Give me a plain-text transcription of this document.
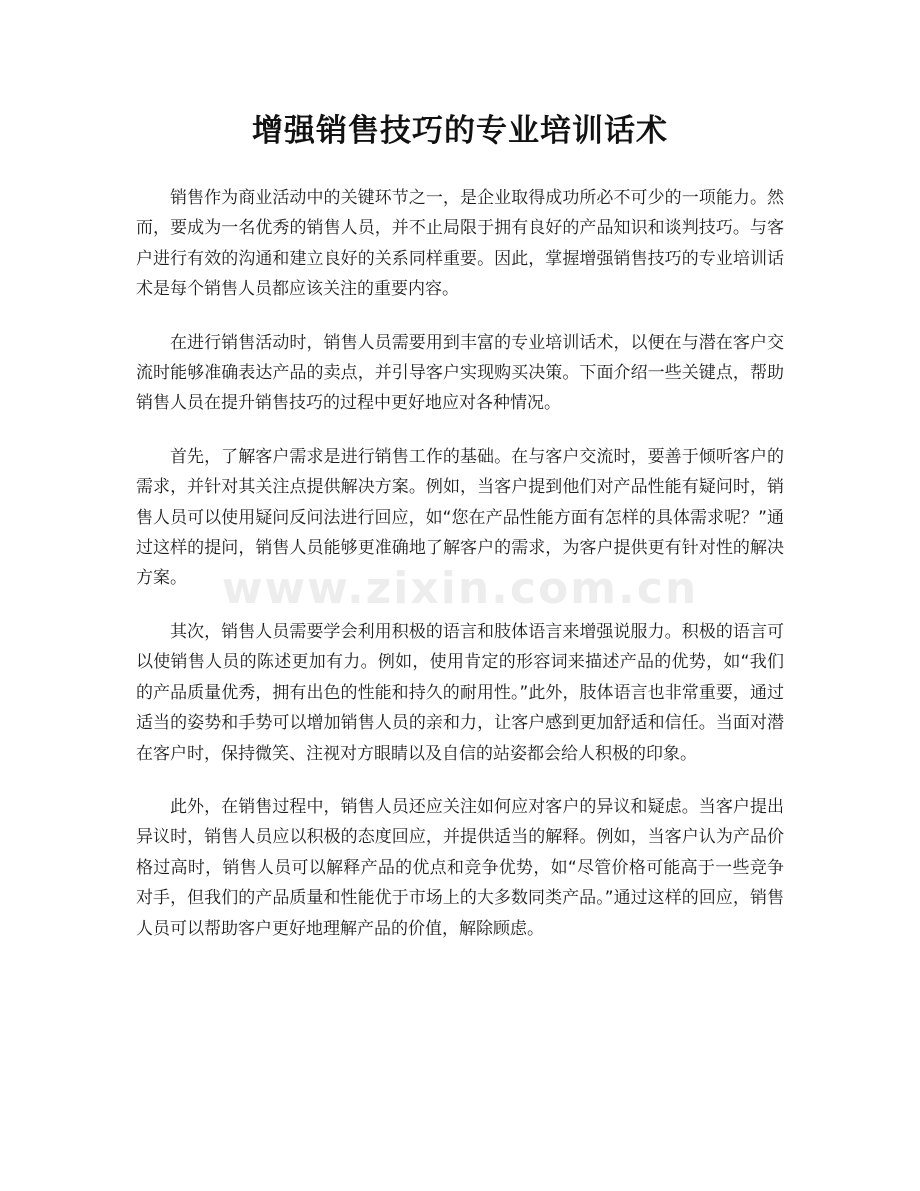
增强销售技巧的专业培训话术
www.zixin.com.cn

销售作为商业活动中的关键环节之一，是企业取得成功所必不可少的一项能力。然而，要成为一名优秀的销售人员，并不止局限于拥有良好的产品知识和谈判技巧。与客户进行有效的沟通和建立良好的关系同样重要。因此，掌握增强销售技巧的专业培训话术是每个销售人员都应该关注的重要内容。

在进行销售活动时，销售人员需要用到丰富的专业培训话术，以便在与潜在客户交流时能够准确表达产品的卖点，并引导客户实现购买决策。下面介绍一些关键点，帮助销售人员在提升销售技巧的过程中更好地应对各种情况。

首先，了解客户需求是进行销售工作的基础。在与客户交流时，要善于倾听客户的需求，并针对其关注点提供解决方案。例如，当客户提到他们对产品性能有疑问时，销售人员可以使用疑问反问法进行回应，如“您在产品性能方面有怎样的具体需求呢？”通过这样的提问，销售人员能够更准确地了解客户的需求，为客户提供更有针对性的解决方案。

其次，销售人员需要学会利用积极的语言和肢体语言来增强说服力。积极的语言可以使销售人员的陈述更加有力。例如，使用肯定的形容词来描述产品的优势，如“我们的产品质量优秀，拥有出色的性能和持久的耐用性。”此外，肢体语言也非常重要，通过适当的姿势和手势可以增加销售人员的亲和力，让客户感到更加舒适和信任。当面对潜在客户时，保持微笑、注视对方眼睛以及自信的站姿都会给人积极的印象。

此外，在销售过程中，销售人员还应关注如何应对客户的异议和疑虑。当客户提出异议时，销售人员应以积极的态度回应，并提供适当的解释。例如，当客户认为产品价格过高时，销售人员可以解释产品的优点和竞争优势，如“尽管价格可能高于一些竞争对手，但我们的产品质量和性能优于市场上的大多数同类产品。”通过这样的回应，销售人员可以帮助客户更好地理解产品的价值，解除顾虑。
